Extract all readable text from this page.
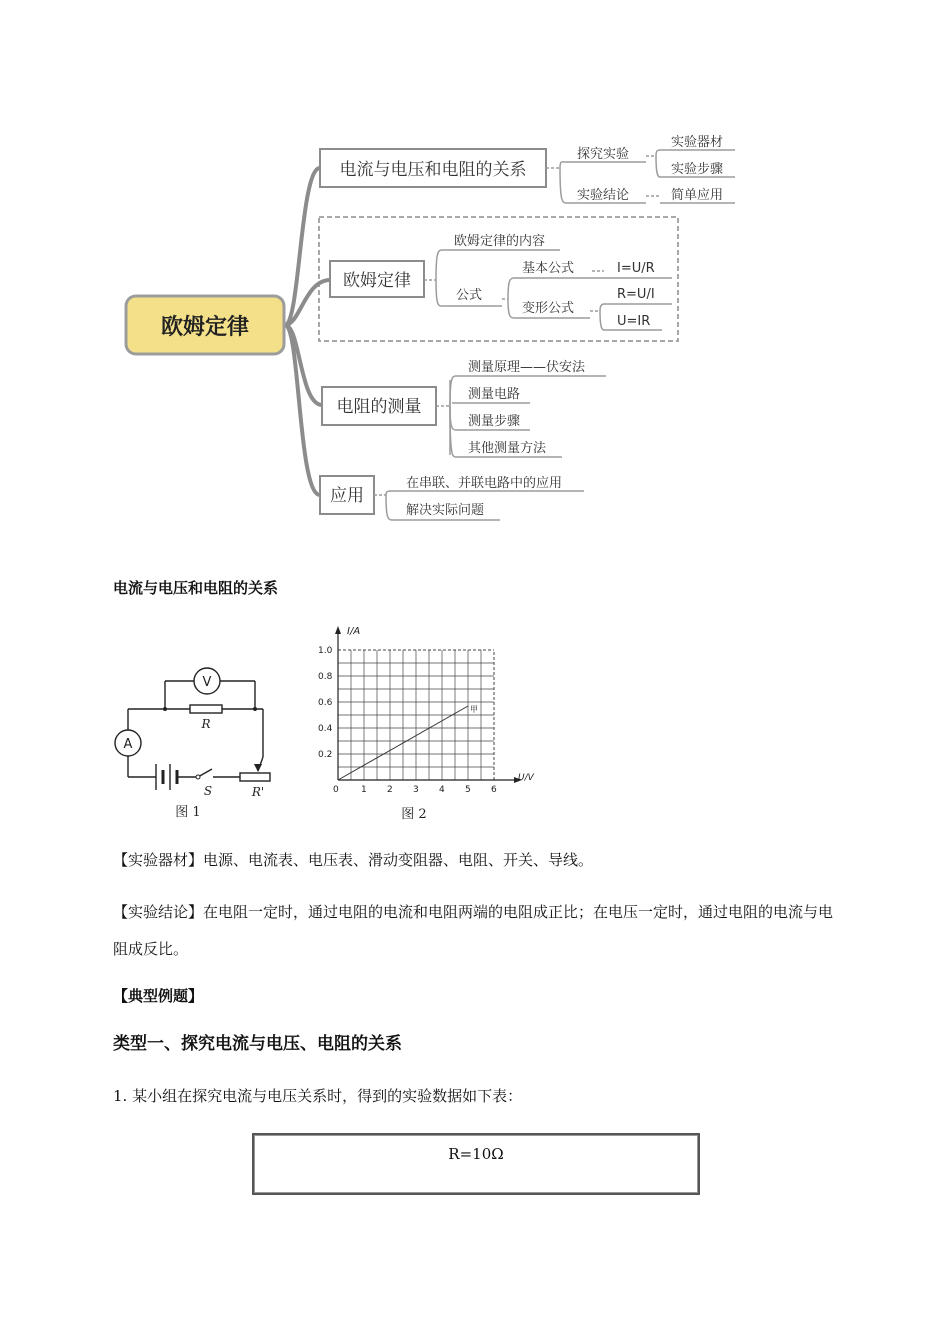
欧姆定律
电流与电压和电阻的关系
探究实验
实验器材
实验步骤
实验结论	简单应用
欧姆定律
欧姆定律的内容
公式
基本公式	I=U/R
变形公式
R=U/I
U=IR
电阻的测量
测量原理——伏安法
测量电路
测量步骤
其他测量方法
应用
在串联、并联电路中的应用
解决实际问题
电流与电压和电阻的关系
V
A
R
S	R'
图 1
I/A
U/V
甲
1.0
0.8
0.6
0.4
0.2
0 1 2 3 4 5 6
图 2
【实验器材】电源、电流表、电压表、滑动变阻器、电阻、开关、导线。
【实验结论】在电阻一定时，通过电阻的电流和电阻两端的电阻成正比；在电压一定时，通过电阻的电流与电阻成反比。
【典型例题】
类型一、探究电流与电压、电阻的关系
1. 某小组在探究电流与电压关系时，得到的实验数据如下表：
R=10Ω
